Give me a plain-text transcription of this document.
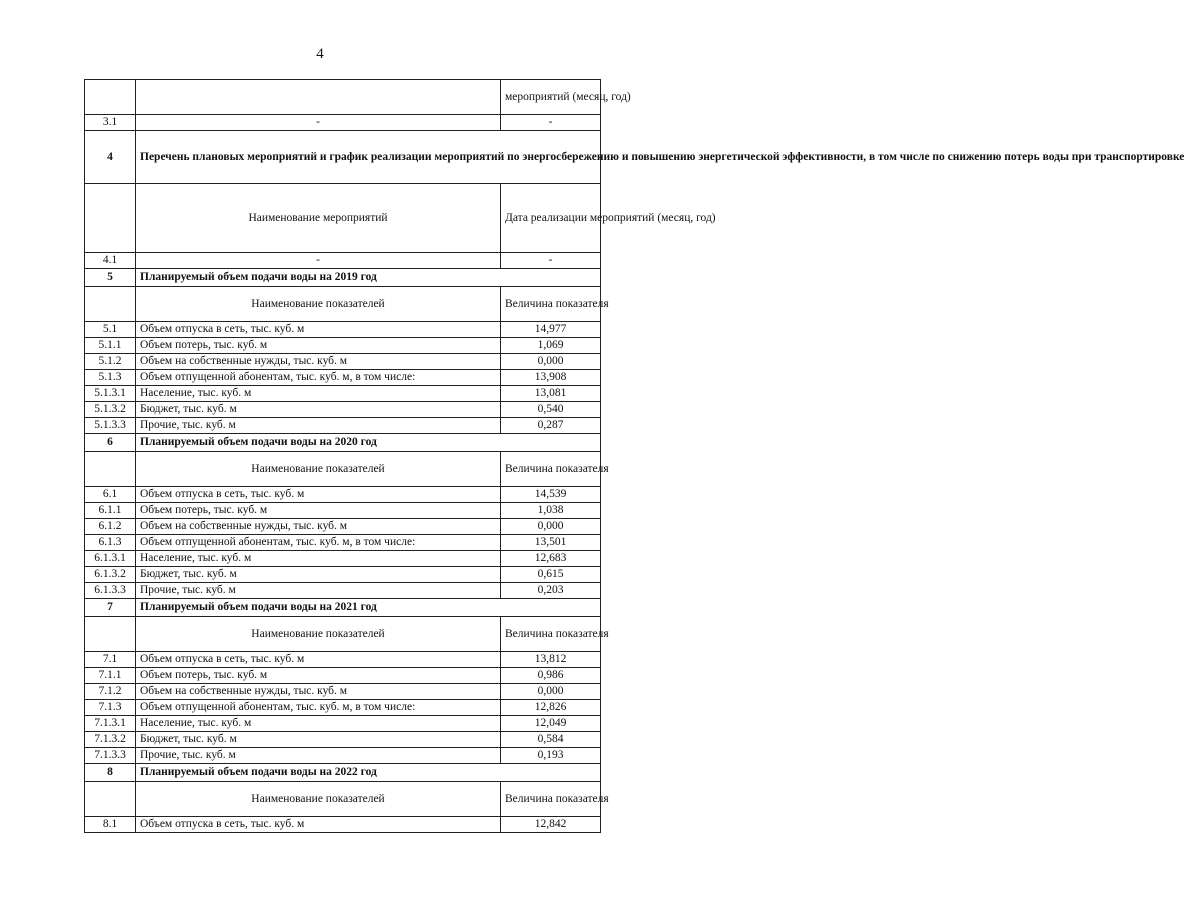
4
		мероприятий (месяц, год)
3.1	-	-
4	Перечень плановых мероприятий и график реализации мероприятий по энергосбережению и повышению энергетической эффективности, в том числе по снижению потерь воды при транспортировке	
	Наименование мероприятий	Дата реализации мероприятий (месяц, год)
4.1	-	-
5	Планируемый объем подачи воды на 2019 год	
	Наименование показателей	Величина показателя
5.1	Объем отпуска в сеть, тыс. куб. м	14,977
5.1.1	Объем потерь, тыс. куб. м	1,069
5.1.2	Объем на собственные нужды, тыс. куб. м	0,000
5.1.3	Объем отпущенной абонентам, тыс. куб. м, в том числе:	13,908
5.1.3.1	Население, тыс. куб. м	13,081
5.1.3.2	Бюджет, тыс. куб. м	0,540
5.1.3.3	Прочие, тыс. куб. м	0,287
6	Планируемый объем подачи воды на 2020 год	
	Наименование показателей	Величина показателя
6.1	Объем отпуска в сеть, тыс. куб. м	14,539
6.1.1	Объем потерь, тыс. куб. м	1,038
6.1.2	Объем на собственные нужды, тыс. куб. м	0,000
6.1.3	Объем отпущенной абонентам, тыс. куб. м, в том числе:	13,501
6.1.3.1	Население, тыс. куб. м	12,683
6.1.3.2	Бюджет, тыс. куб. м	0,615
6.1.3.3	Прочие, тыс. куб. м	0,203
7	Планируемый объем подачи воды на 2021 год	
	Наименование показателей	Величина показателя
7.1	Объем отпуска в сеть, тыс. куб. м	13,812
7.1.1	Объем потерь, тыс. куб. м	0,986
7.1.2	Объем на собственные нужды, тыс. куб. м	0,000
7.1.3	Объем отпущенной абонентам, тыс. куб. м, в том числе:	12,826
7.1.3.1	Население, тыс. куб. м	12,049
7.1.3.2	Бюджет, тыс. куб. м	0,584
7.1.3.3	Прочие, тыс. куб. м	0,193
8	Планируемый объем подачи воды на 2022 год	
	Наименование показателей	Величина показателя
8.1	Объем отпуска в сеть, тыс. куб. м	12,842
